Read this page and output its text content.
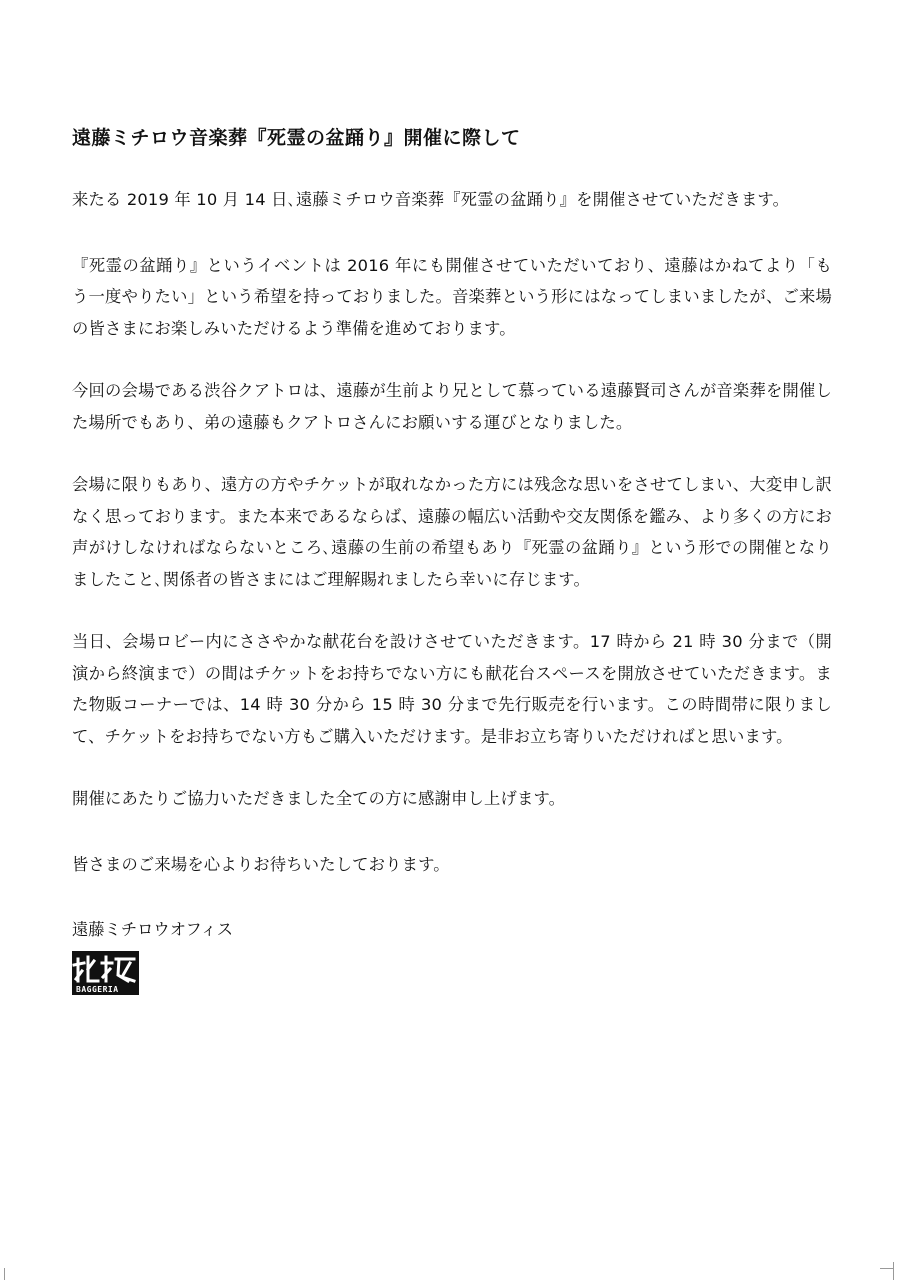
遠藤ミチロウ音楽葬『死霊の盆踊り』開催に際して

来たる 2019 年 10 月 14 日､遠藤ミチロウ音楽葬『死霊の盆踊り』を開催させていただきます。

『死霊の盆踊り』というイベントは 2016 年にも開催させていただいており、遠藤はかねてより「もう一度やりたい」という希望を持っておりました。音楽葬という形にはなってしまいましたが、ご来場の皆さまにお楽しみいただけるよう準備を進めております。

今回の会場である渋谷クアトロは、遠藤が生前より兄として慕っている遠藤賢司さんが音楽葬を開催した場所でもあり、弟の遠藤もクアトロさんにお願いする運びとなりました。

会場に限りもあり、遠方の方やチケットが取れなかった方には残念な思いをさせてしまい、大変申し訳なく思っております。また本来であるならば、遠藤の幅広い活動や交友関係を鑑み、より多くの方にお声がけしなければならないところ､遠藤の生前の希望もあり『死霊の盆踊り』という形での開催となりましたこと､関係者の皆さまにはご理解賜れましたら幸いに存じます。

当日、会場ロビー内にささやかな献花台を設けさせていただきます。17 時から 21 時 30 分まで（開演から終演まで）の間はチケットをお持ちでない方にも献花台スペースを開放させていただきます。また物販コーナーでは、14 時 30 分から 15 時 30 分まで先行販売を行います。この時間帯に限りまして、チケットをお持ちでない方もご購入いただけます。是非お立ち寄りいただければと思います。

開催にあたりご協力いただきました全ての方に感謝申し上げます。

皆さまのご来場を心よりお待ちいたしております。

遠藤ミチロウオフィス
BAGGERIA
